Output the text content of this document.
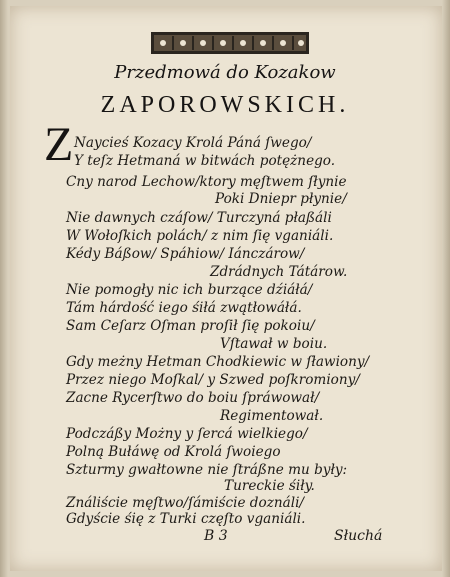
Przedmowá do Kozakow
ZAPOROWSKICH.
Z Naycieś Kozacy Krolá Páná ſwego/
Y teſz Hetmaná w bitwách potężnego.
Cny narod Lechow/ktory męſtwem ſłynie
Poki Dniepr płynie/
Nie dawnych czáſow/ Turczyná płaßáli
W Wołoſkich polách/ z nim ſię vganiáli.
Kédy Báßow/ Spáhiow/ Iánczárow/
Zdrádnych Tátárow.
Nie pomogły nic ich burzące dźiáłá/
Tám hárdość iego śiłá zwątłowáłá.
Sam Ceſarz Oſman proſił ſię pokoiu/
Vſtawał w boiu.
Gdy meżny Hetman Chodkiewic w ſławiony/
Przez niego Moſkal/ y Szwed poſkromiony/
Zacne Rycerſtwo do boiu ſpráwował/
Regimentował.
Podczáßy Możny y ſercá wielkiego/
Polną Bułáwę od Krolá ſwoiego
Szturmy gwałtowne nie ſtráßne mu były:
Tureckie śiły.
Ználiście męſtwo/ſámiście doználi/
Gdyście śię z Turki częſto vganiáli.
B 3	Słuchá
